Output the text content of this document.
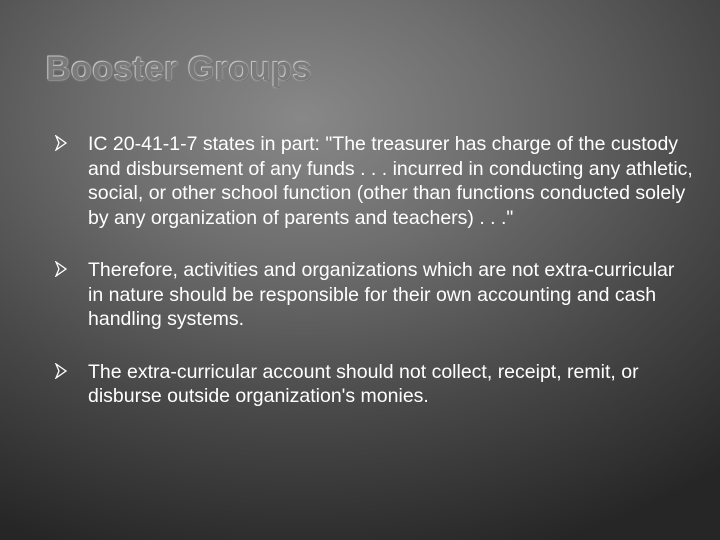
Booster Groups
IC 20-41-1-7 states in part: "The treasurer has charge of the custody and disbursement of any funds . . . incurred in conducting any athletic, social, or other school function (other than functions conducted solely by any organization of parents and teachers) . . ."
Therefore, activities and organizations which are not extra-curricular in nature should be responsible for their own accounting and cash handling systems.
The extra-curricular account should not collect, receipt, remit, or disburse outside organization's monies.
